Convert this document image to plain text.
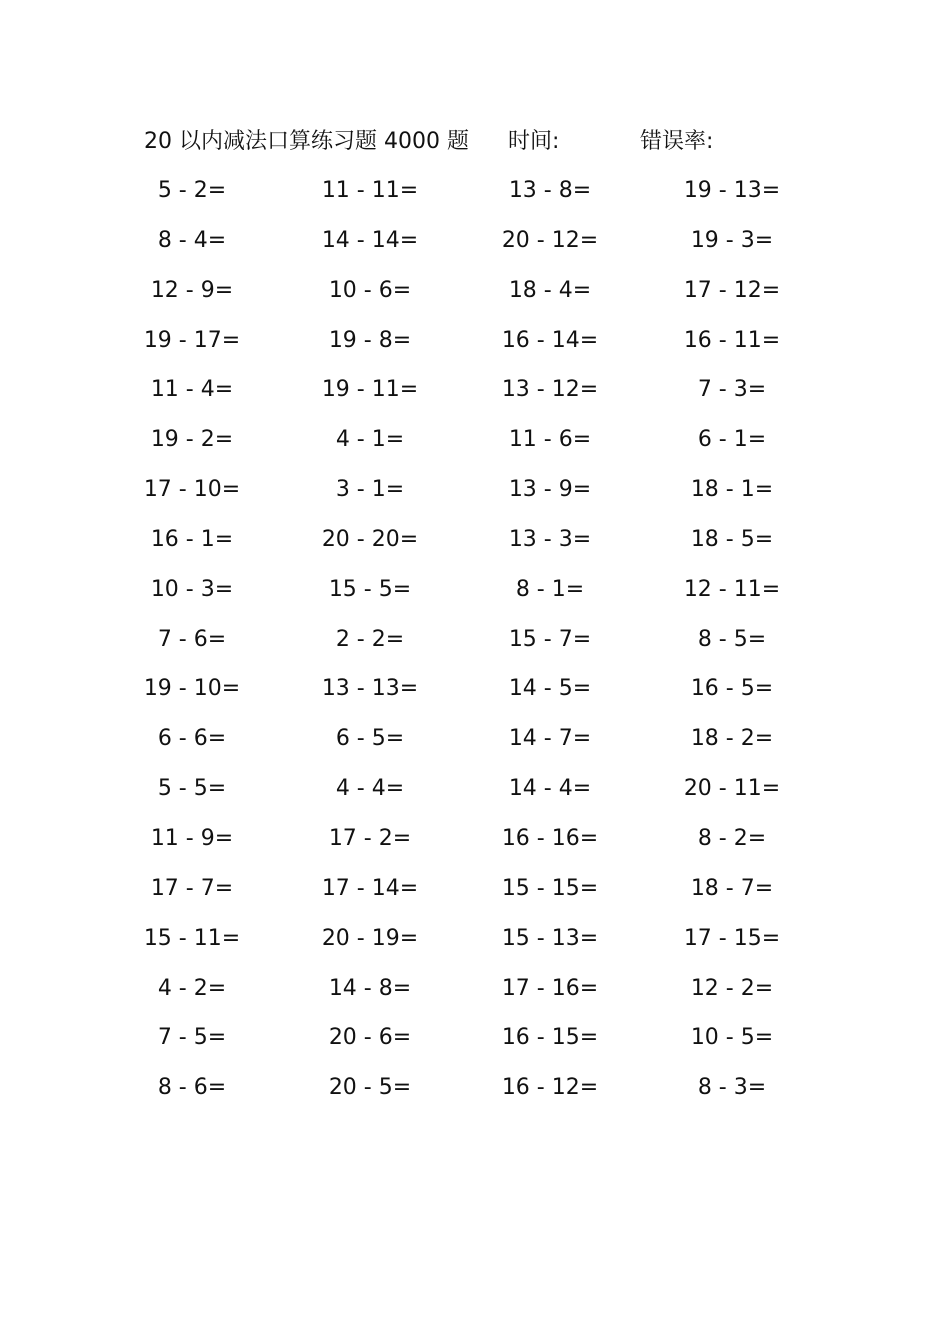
20 以内减法口算练习题 4000 题 时间:	错误率:
5 - 2=	11 - 11=	13 - 8=	19 - 13=
8 - 4=	14 - 14=	20 - 12=	19 - 3=
12 - 9=	10 - 6=	18 - 4=	17 - 12=
19 - 17=	19 - 8=	16 - 14=	16 - 11=
11 - 4=	19 - 11=	13 - 12=	7 - 3=
19 - 2=	4 - 1=	11 - 6=	6 - 1=
17 - 10=	3 - 1=	13 - 9=	18 - 1=
16 - 1=	20 - 20=	13 - 3=	18 - 5=
10 - 3=	15 - 5=	8 - 1=	12 - 11=
7 - 6=	2 - 2=	15 - 7=	8 - 5=
19 - 10=	13 - 13=	14 - 5=	16 - 5=
6 - 6=	6 - 5=	14 - 7=	18 - 2=
5 - 5=	4 - 4=	14 - 4=	20 - 11=
11 - 9=	17 - 2=	16 - 16=	8 - 2=
17 - 7=	17 - 14=	15 - 15=	18 - 7=
15 - 11=	20 - 19=	15 - 13=	17 - 15=
4 - 2=	14 - 8=	17 - 16=	12 - 2=
7 - 5=	20 - 6=	16 - 15=	10 - 5=
8 - 6=	20 - 5=	16 - 12=	8 - 3=
